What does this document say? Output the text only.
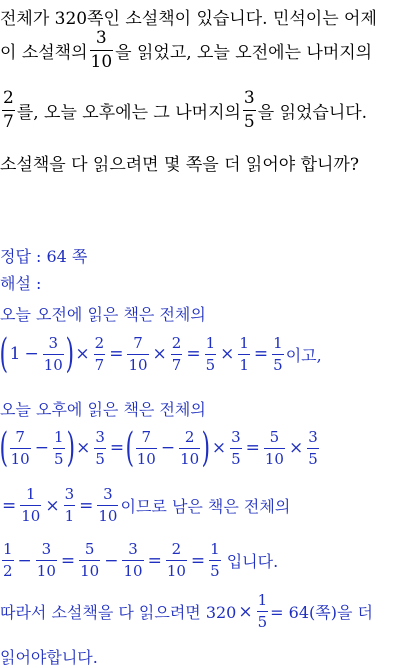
전체가 320쪽인 소설책이 있습니다. 민석이는 어제
이 소설책의 $\frac{3}{10}$ 을 읽었고, 오늘 오전에는 나머지의
$\frac{2}{7}$ 를, 오늘 오후에는 그 나머지의 $\frac{3}{5}$ 을 읽었습니다.
소설책을 다 읽으려면 몇 쪽을 더 읽어야 합니까?
정답 : 64 쪽
해설 :
오늘 오전에 읽은 책은 전체의
( $1 - \frac{3}{10}$ ) × $\frac{2}{7} = \frac{7}{10} \times \frac{2}{7} = \frac{1}{5} \times \frac{1}{1} = \frac{1}{5}$ 이고,
오늘 오후에 읽은 책은 전체의
( $\frac{7}{10} - \frac{1}{5}$ ) × $\frac{3}{5}$ = ( $\frac{7}{10} - \frac{2}{10}$ ) × $\frac{3}{5} = \frac{5}{10} \times \frac{3}{5}$
= $\frac{1}{10} \times \frac{3}{1} = \frac{3}{10}$ 이므로 남은 책은 전체의
$\frac{1}{2} - \frac{3}{10} = \frac{5}{10} - \frac{3}{10} = \frac{2}{10} = \frac{1}{5}$ 입니다.
따라서 소설책을 다 읽으려면 $320 \times \frac{1}{5} = 64$(쪽)을 더
읽어야합니다.
